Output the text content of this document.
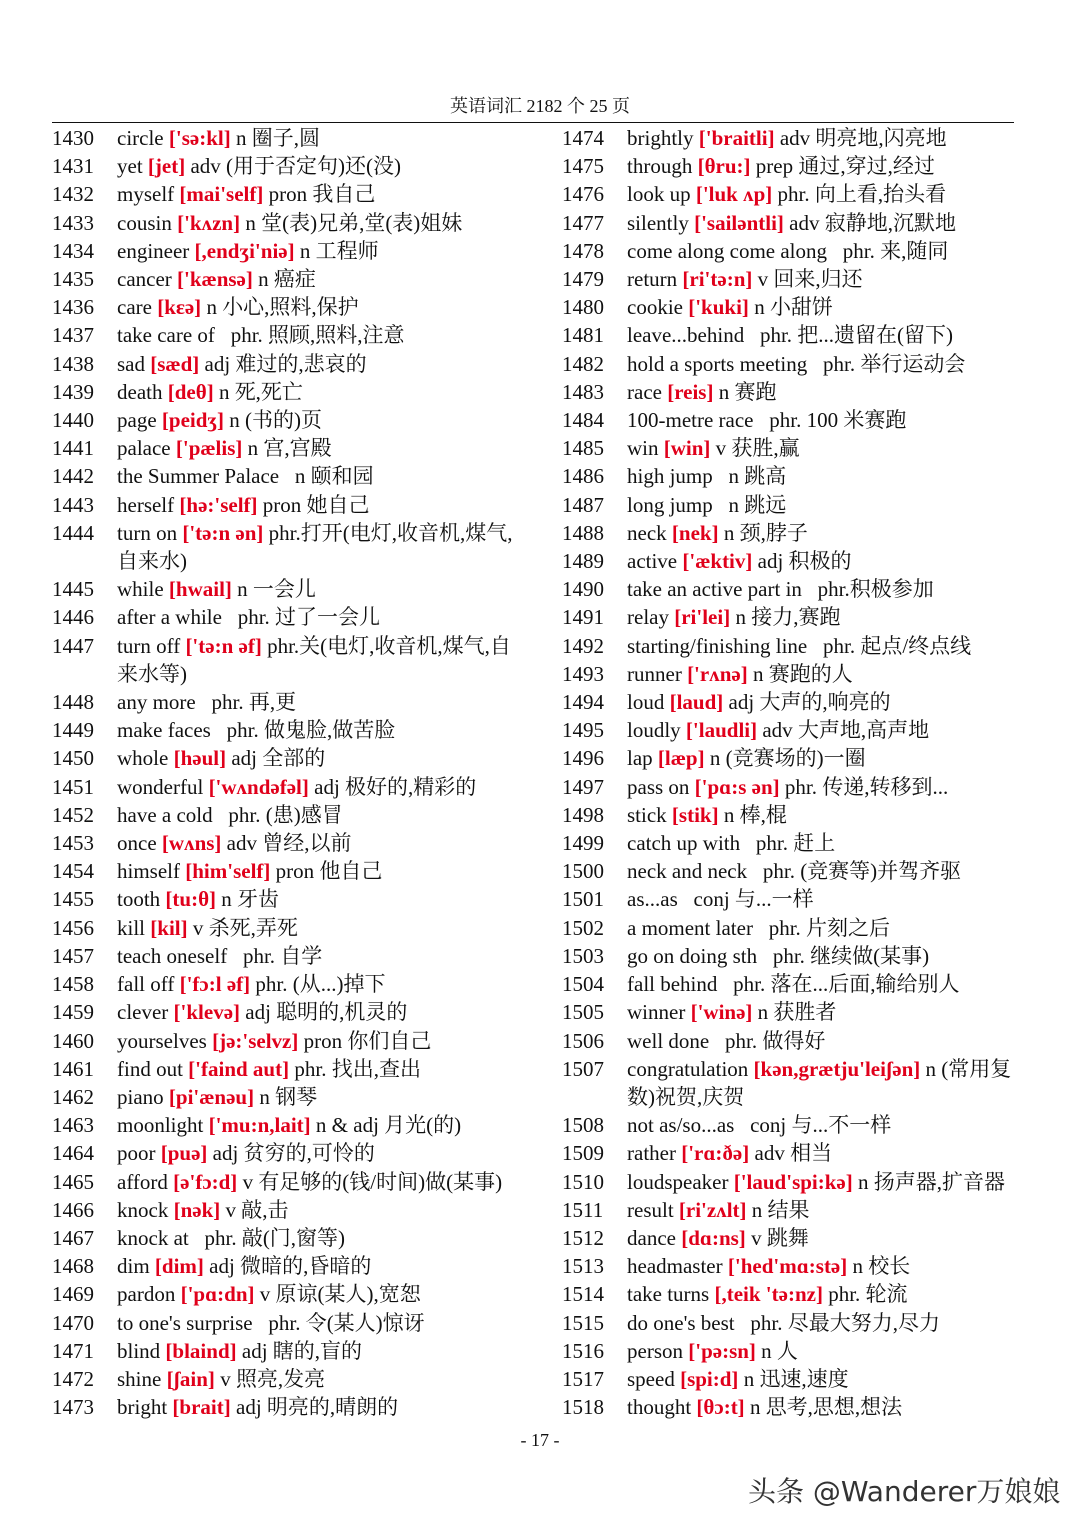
英语词汇 2182 个 25 页
1430 circle ['sə:kl] n 圈子,圆
1431 yet [jet] adv (用于否定句)还(没)
1432 myself [mai'self] pron 我自己
1433 cousin ['kʌzn] n 堂(表)兄弟,堂(表)姐妹
1434 engineer [,endʒi'niə] n 工程师
1435 cancer ['kænsə] n 癌症
1436 care [kɛə] n 小心,照料,保护
1437 take care of phr. 照顾,照料,注意
1438 sad [sæd] adj 难过的,悲哀的
1439 death [deθ] n 死,死亡
1440 page [peidʒ] n (书的)页
1441 palace ['pælis] n 宫,宫殿
1442 the Summer Palace n 颐和园
1443 herself [hə:'self] pron 她自己
1444 turn on ['tə:n ən] phr.打开(电灯,收音机,煤气,自来水)
1445 while [hwail] n 一会儿
1446 after a while phr. 过了一会儿
1447 turn off ['tə:n əf] phr.关(电灯,收音机,煤气,自来水等)
1448 any more phr. 再,更
1449 make faces phr. 做鬼脸,做苦脸
1450 whole [həul] adj 全部的
1451 wonderful ['wʌndəfəl] adj 极好的,精彩的
1452 have a cold phr. (患)感冒
1453 once [wʌns] adv 曾经,以前
1454 himself [him'self] pron 他自己
1455 tooth [tu:θ] n 牙齿
1456 kill [kil] v 杀死,弄死
1457 teach oneself phr. 自学
1458 fall off ['fɔ:l əf] phr. (从...)掉下
1459 clever ['klevə] adj 聪明的,机灵的
1460 yourselves [jə:'selvz] pron 你们自己
1461 find out ['faind aut] phr. 找出,查出
1462 piano [pi'ænəu] n 钢琴
1463 moonlight ['mu:n,lait] n & adj 月光(的)
1464 poor [puə] adj 贫穷的,可怜的
1465 afford [ə'fɔ:d] v 有足够的(钱/时间)做(某事)
1466 knock [nək] v 敲,击
1467 knock at phr. 敲(门,窗等)
1468 dim [dim] adj 微暗的,昏暗的
1469 pardon ['pɑ:dn] v 原谅(某人),宽恕
1470 to one's surprise phr. 令(某人)惊讶
1471 blind [blaind] adj 瞎的,盲的
1472 shine [ʃain] v 照亮,发亮
1473 bright [brait] adj 明亮的,晴朗的
1474 brightly ['braitli] adv 明亮地,闪亮地
1475 through [θru:] prep 通过,穿过,经过
1476 look up ['luk ʌp] phr. 向上看,抬头看
1477 silently ['sailəntli] adv 寂静地,沉默地
1478 come along come along phr. 来,随同
1479 return [ri'tə:n] v 回来,归还
1480 cookie ['kuki] n 小甜饼
1481 leave...behind phr. 把...遗留在(留下)
1482 hold a sports meeting phr. 举行运动会
1483 race [reis] n 赛跑
1484 100-metre race phr. 100 米赛跑
1485 win [win] v 获胜,赢
1486 high jump n 跳高
1487 long jump n 跳远
1488 neck [nek] n 颈,脖子
1489 active ['æktiv] adj 积极的
1490 take an active part in phr.积极参加
1491 relay [ri'lei] n 接力,赛跑
1492 starting/finishing line phr. 起点/终点线
1493 runner ['rʌnə] n 赛跑的人
1494 loud [laud] adj 大声的,响亮的
1495 loudly ['laudli] adv 大声地,高声地
1496 lap [læp] n (竞赛场的)一圈
1497 pass on ['pɑ:s ən] phr. 传递,转移到...
1498 stick [stik] n 棒,棍
1499 catch up with phr. 赶上
1500 neck and neck phr. (竞赛等)并驾齐驱
1501 as...as conj 与...一样
1502 a moment later phr. 片刻之后
1503 go on doing sth phr. 继续做(某事)
1504 fall behind phr. 落在...后面,输给别人
1505 winner ['winə] n 获胜者
1506 well done phr. 做得好
1507 congratulation [kən,grætju'leiʃən] n (常用复数)祝贺,庆贺
1508 not as/so...as conj 与...不一样
1509 rather ['rɑ:ðə] adv 相当
1510 loudspeaker ['laud'spi:kə] n 扬声器,扩音器
1511 result [ri'zʌlt] n 结果
1512 dance [dɑ:ns] v 跳舞
1513 headmaster ['hed'mɑ:stə] n 校长
1514 take turns [,teik 'tə:nz] phr. 轮流
1515 do one's best phr. 尽最大努力,尽力
1516 person ['pə:sn] n 人
1517 speed [spi:d] n 迅速,速度
1518 thought [θɔ:t] n 思考,思想,想法
- 17 -
头条 @Wanderer万娘娘
